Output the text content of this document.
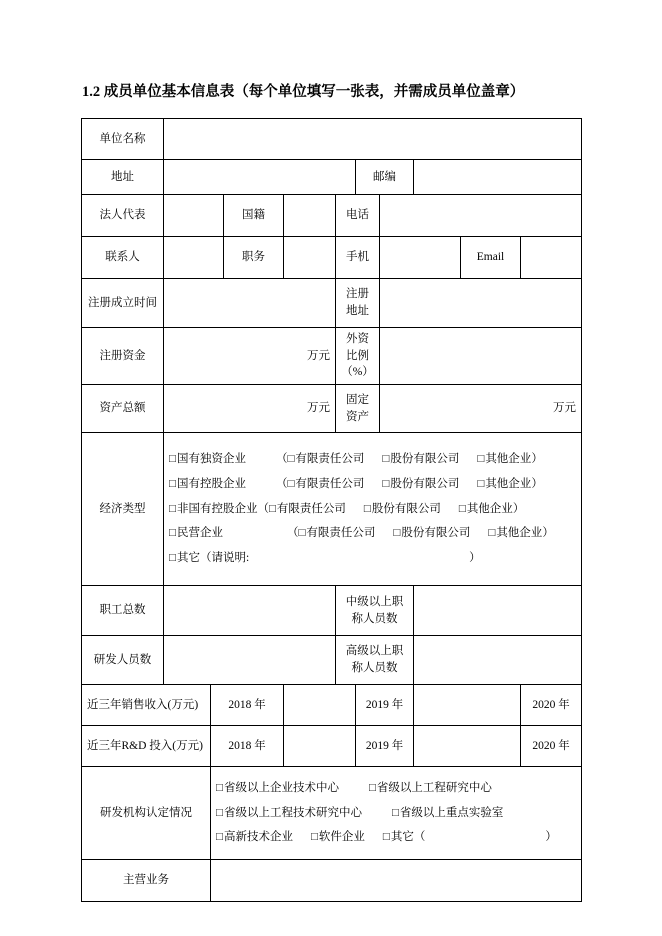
1.2 成员单位基本信息表（每个单位填写一张表，并需成员单位盖章）
单位名称											
地址						邮编					
法人代表			国籍		电话						
联系人			职务		手机				Email		
注册成立时间					注册地址						
注册资金	万元				外资比例（%）						
资产总额	万元				固定资产		万元				
经济类型	□国有独资企业 （□有限责任公司 □股份有限公司 □其他企业）
□国有控股企业 （□有限责任公司 □股份有限公司 □其他企业）
□非国有控股企业（□有限责任公司 □股份有限公司 □其他企业）
□民营企业 （□有限责任公司 □股份有限公司 □其他企业）
□其它（请说明: ）										

职工总数					中级以上职称人员数						
研发人员数					高级以上职称人员数						
近三年销售收入(万元)		2018 年				2019 年				2020 年	
近三年R&D 投入(万元)		2018 年				2019 年				2020 年	
研发机构认定情况		□省级以上企业技术中心 □省级以上工程研究中心
□省级以上工程技术研究中心 □省级以上重点实验室
□高新技术企业 □软件企业 □其它（ ）									

主营业务											
